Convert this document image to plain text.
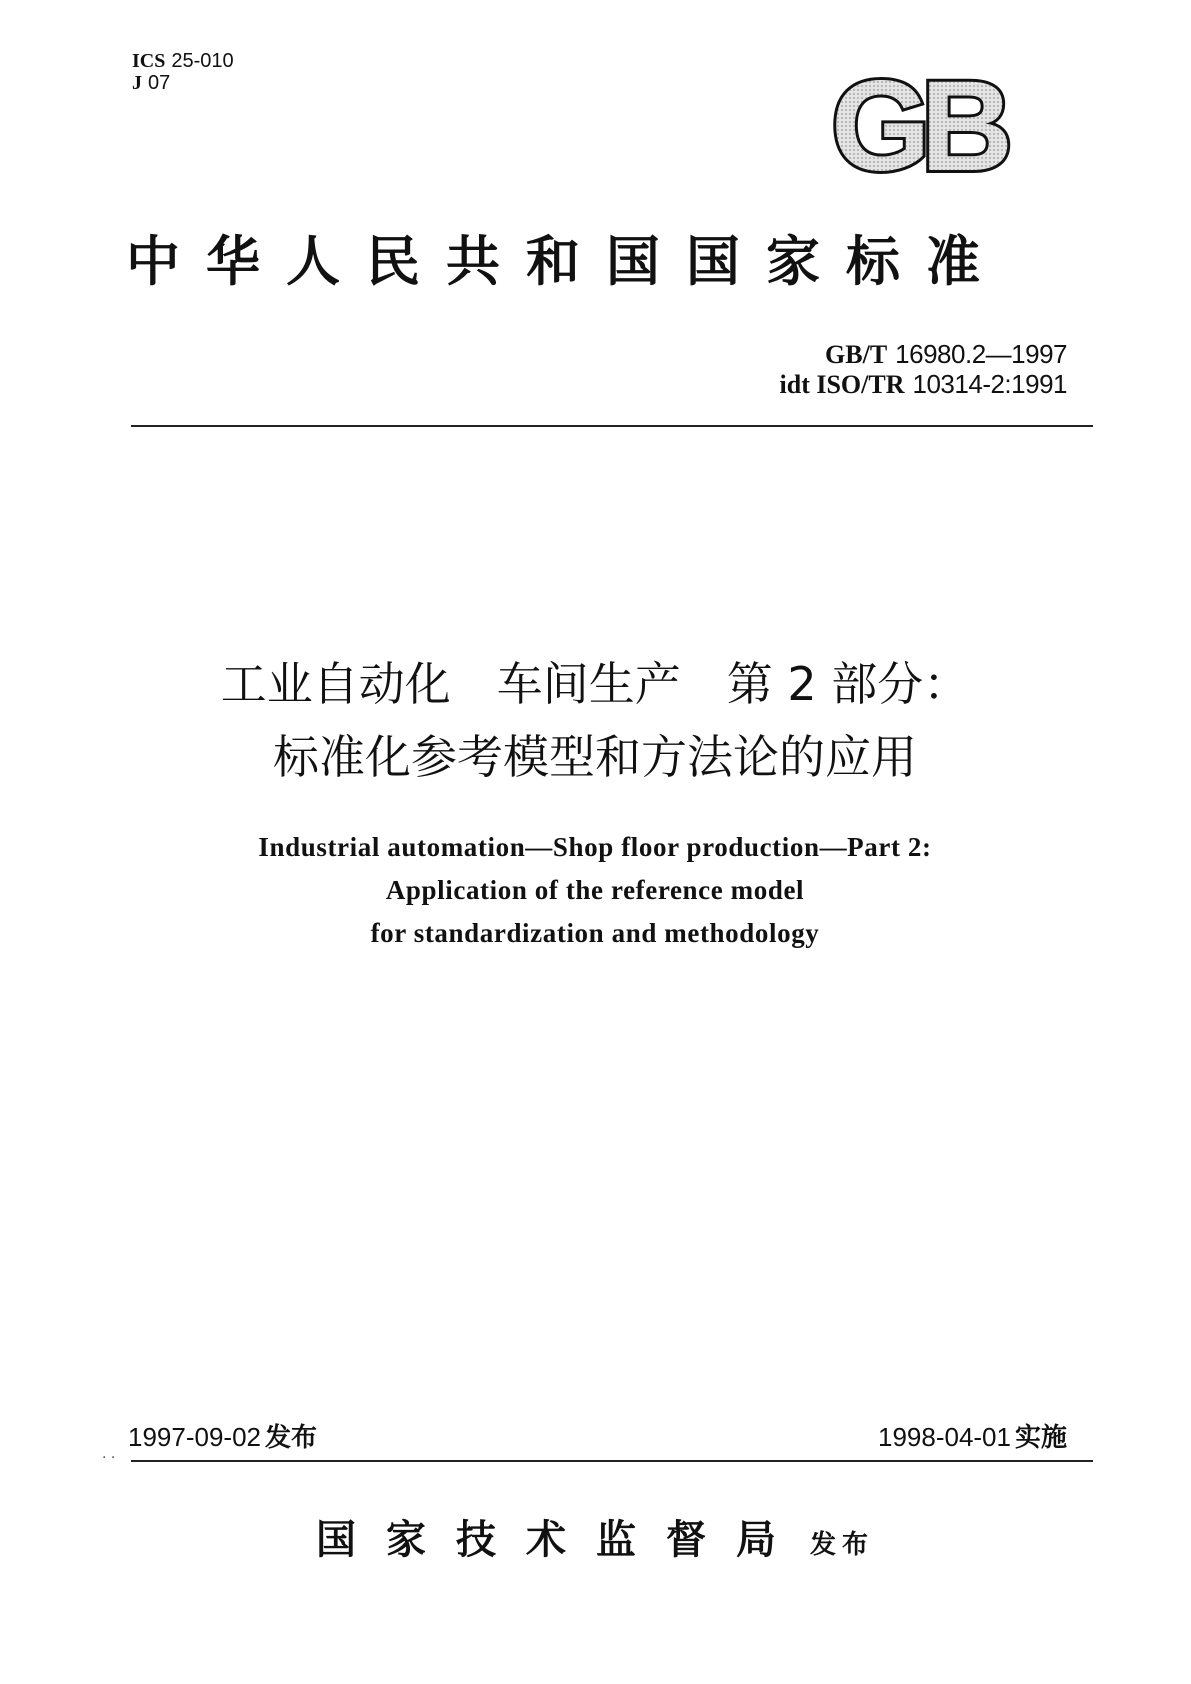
ICS 25-010
J 07	GB
中华人民共和国国家标准
GB/T 16980.2—1997
idt ISO/TR 10314-2:1991
工业自动化　车间生产　第 2 部分：
标准化参考模型和方法论的应用
Industrial automation—Shop floor production—Part 2:
Application of the reference model
for standardization and methodology
1997-09-02 发布	1998-04-01 实施
· ·
国家技术监督局 发布
